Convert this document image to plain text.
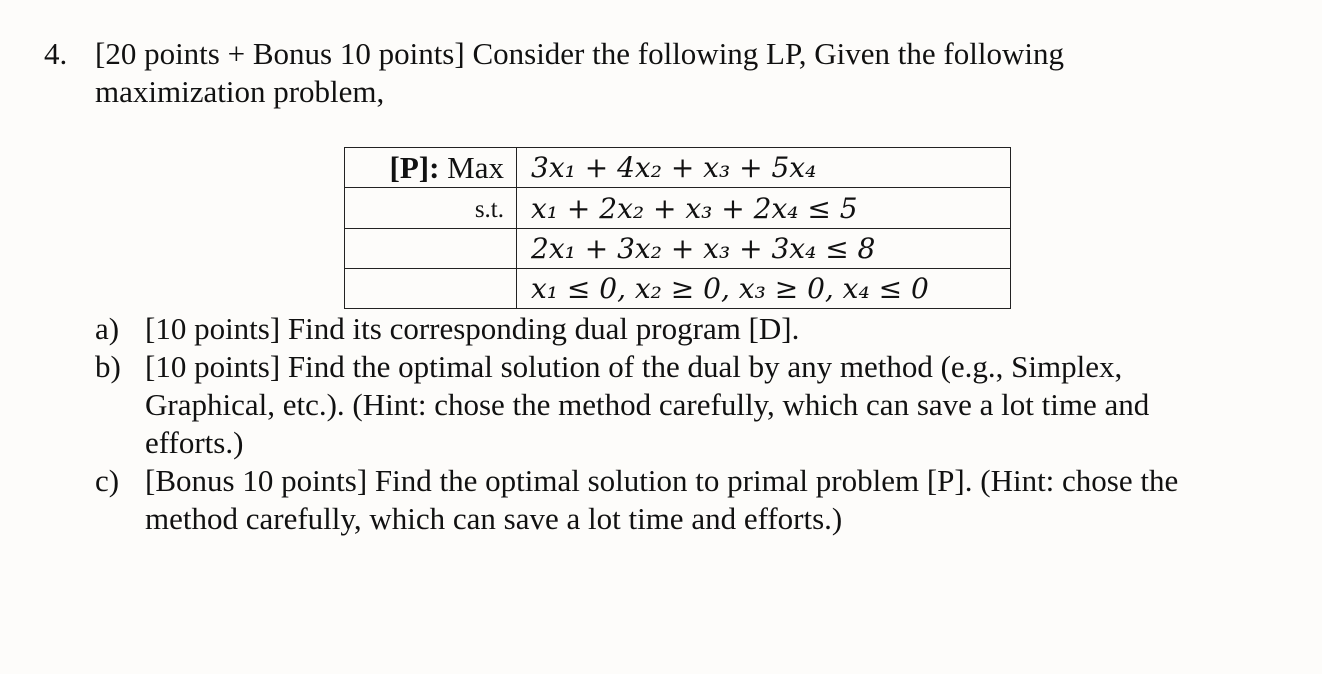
4. [20 points + Bonus 10 points] Consider the following LP, Given the following
maximization problem,
[P]: Max	3x₁ + 4x₂ + x₃ + 5x₄
s.t.	x₁ + 2x₂ + x₃ + 2x₄ ≤ 5
	2x₁ + 3x₂ + x₃ + 3x₄ ≤ 8
	x₁ ≤ 0, x₂ ≥ 0, x₃ ≥ 0, x₄ ≤ 0
a) [10 points] Find its corresponding dual program [D].
b) [10 points] Find the optimal solution of the dual by any method (e.g., Simplex,
Graphical, etc.). (Hint: chose the method carefully, which can save a lot time and
efforts.)
c) [Bonus 10 points] Find the optimal solution to primal problem [P]. (Hint: chose the
method carefully, which can save a lot time and efforts.)
